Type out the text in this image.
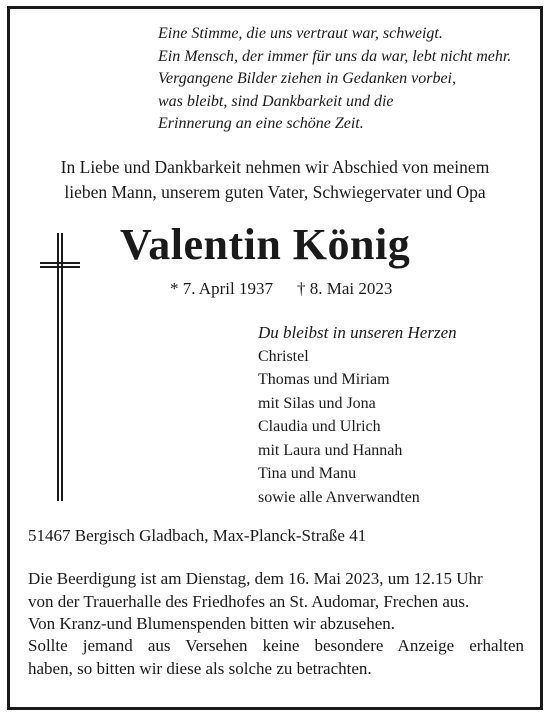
Eine Stimme, die uns vertraut war, schweigt.
Ein Mensch, der immer für uns da war, lebt nicht mehr.
Vergangene Bilder ziehen in Gedanken vorbei,
was bleibt, sind Dankbarkeit und die
Erinnerung an eine schöne Zeit.
In Liebe und Dankbarkeit nehmen wir Abschied von meinem
lieben Mann, unserem guten Vater, Schwiegervater und Opa
Valentin König
* 7. April 1937 † 8. Mai 2023
Du bleibst in unseren Herzen
Christel
Thomas und Miriam
mit Silas und Jona
Claudia und Ulrich
mit Laura und Hannah
Tina und Manu
sowie alle Anverwandten
51467 Bergisch Gladbach, Max-Planck-Straße 41
Die Beerdigung ist am Dienstag, dem 16. Mai 2023, um 12.15 Uhr
von der Trauerhalle des Friedhofes an St. Audomar, Frechen aus.
Von Kranz-und Blumenspenden bitten wir abzusehen.
Sollte jemand aus Versehen keine besondere Anzeige erhalten
haben, so bitten wir diese als solche zu betrachten.
